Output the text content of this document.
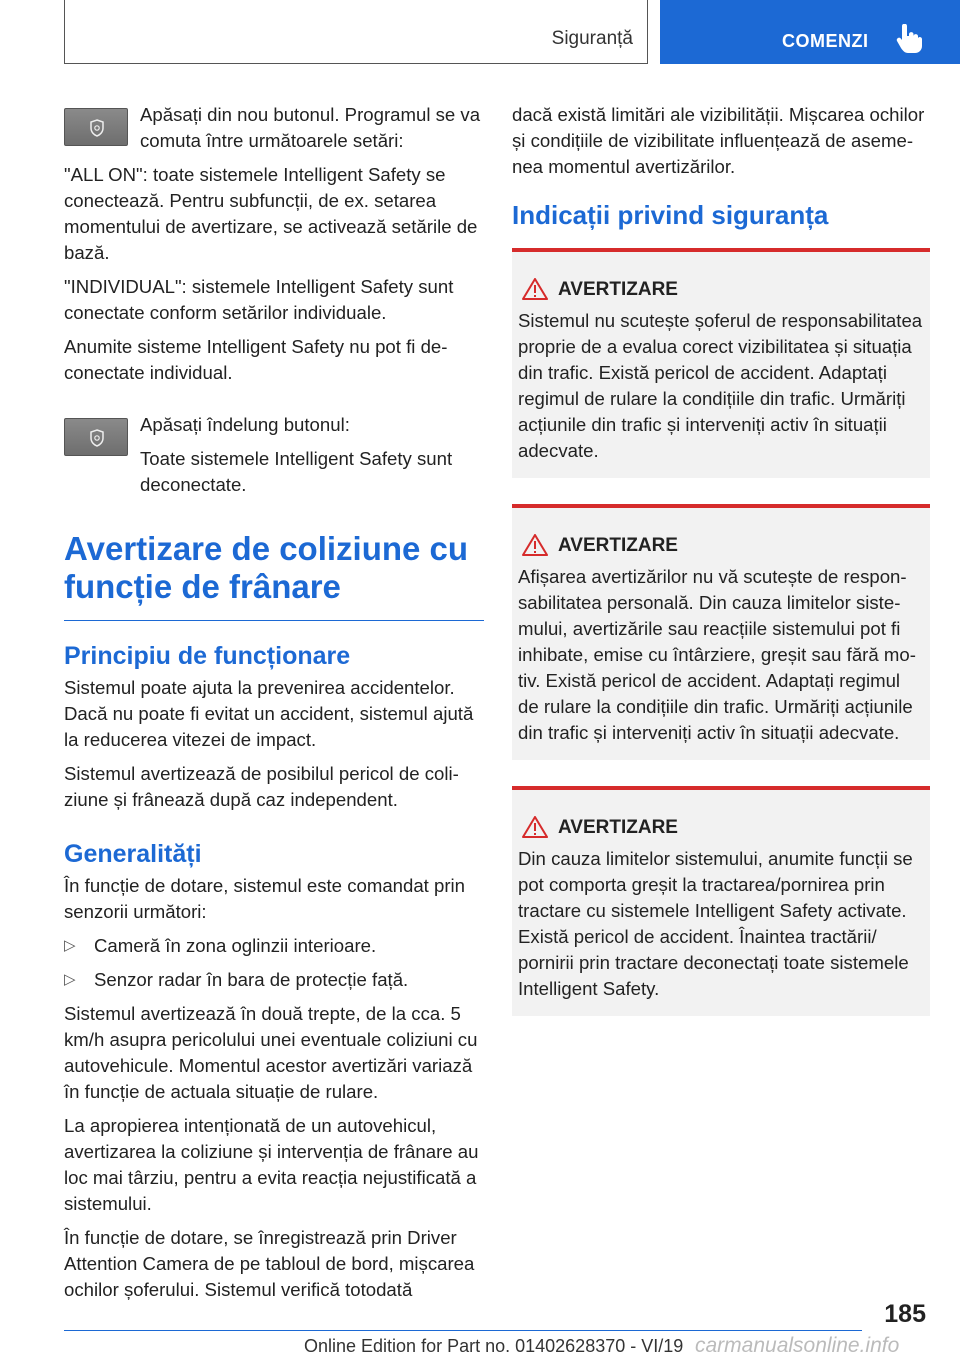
Siguranță	COMENZI

Apăsați din nou butonul. Programul se va comuta între următoarele setări:

"ALL ON": toate sistemele Intelligent Safety se conectează. Pentru subfuncții, de ex. setarea momentului de avertizare, se activează setările de bază.

"INDIVIDUAL": sistemele Intelligent Safety sunt conectate conform setărilor individuale.

Anumite sisteme Intelligent Safety nu pot fi deconectate individual.

Apăsați îndelung butonul:

Toate sistemele Intelligent Safety sunt deconectate.

Avertizare de coliziune cu funcție de frânare
Principiu de funcționare

Sistemul poate ajuta la prevenirea accidentelor. Dacă nu poate fi evitat un accident, sistemul ajută la reducerea vitezei de impact.

Sistemul avertizează de posibilul pericol de coliziune și frânează după caz independent.

Generalități

În funcție de dotare, sistemul este comandat prin senzorii următori:

▷ Cameră în zona oglinzii interioare.
▷ Senzor radar în bara de protecție față.

Sistemul avertizează în două trepte, de la cca. 5 km/h asupra pericolului unei eventuale coliziuni cu autovehicule. Momentul acestor avertizări variază în funcție de actuala situație de rulare.

La apropierea intenționată de un autovehicul, avertizarea la coliziune și intervenția de frânare au loc mai târziu, pentru a evita reacția nejustificată a sistemului.

În funcție de dotare, se înregistrează prin Driver Attention Camera de pe tabloul de bord, mișcarea ochilor șoferului. Sistemul verifică totodată

dacă există limitări ale vizibilității. Mișcarea ochilor și condițiile de vizibilitate influențează de asemenea momentul avertizărilor.

Indicații privind siguranța
AVERTIZARE

Sistemul nu scutește șoferul de responsabilitatea proprie de a evalua corect vizibilitatea și situația din trafic. Există pericol de accident. Adaptați regimul de rulare la condițiile din trafic. Urmăriți acțiunile din trafic și interveniți activ în situații adecvate.

AVERTIZARE

Afișarea avertizărilor nu vă scutește de responsabilitatea personală. Din cauza limitelor sistemului, avertizările sau reacțiile sistemului pot fi inhibate, emise cu întârziere, greșit sau fără motiv. Există pericol de accident. Adaptați regimul de rulare la condițiile din trafic. Urmăriți acțiunile din trafic și interveniți activ în situații adecvate.

AVERTIZARE

Din cauza limitelor sistemului, anumite funcții se pot comporta greșit la tractarea/pornirea prin tractare cu sistemele Intelligent Safety activate. Există pericol de accident. Înaintea tractării/ pornirii prin tractare deconectați toate sistemele Intelligent Safety.

185
Online Edition for Part no. 01402628370 - VI/19 carmanualsonline.info
